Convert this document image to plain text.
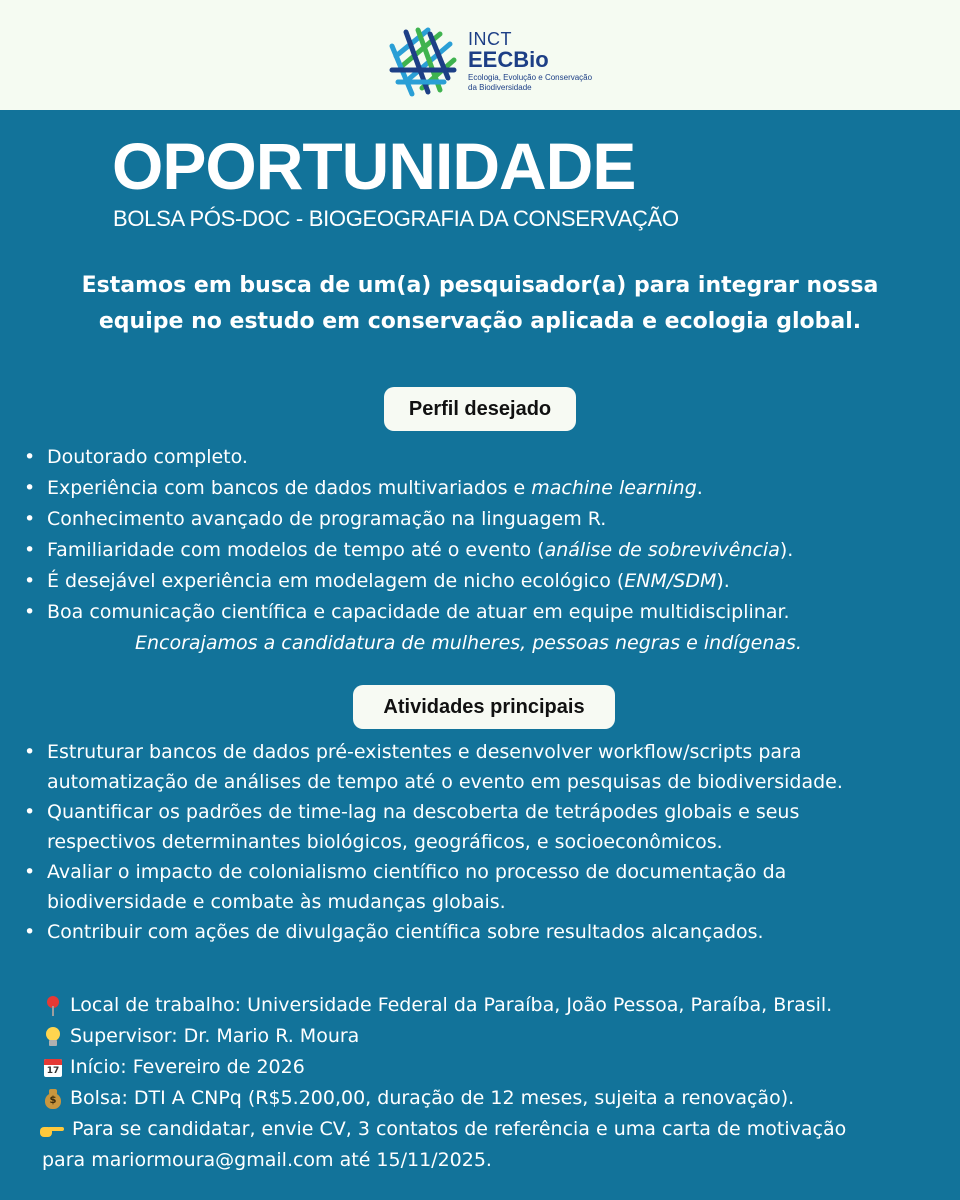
INCT
EECBio
Ecologia, Evolução e Conservação
da Biodiversidade
OPORTUNIDADE
BOLSA PÓS-DOC - BIOGEOGRAFIA DA CONSERVAÇÃO
Estamos em busca de um(a) pesquisador(a) para integrar nossa
equipe no estudo em conservação aplicada e ecologia global.
Perfil desejado
• Doutorado completo.
• Experiência com bancos de dados multivariados e machine learning.
• Conhecimento avançado de programação na linguagem R.
• Familiaridade com modelos de tempo até o evento (análise de sobrevivência).
• É desejável experiência em modelagem de nicho ecológico (ENM/SDM).
• Boa comunicação científica e capacidade de atuar em equipe multidisciplinar.
Encorajamos a candidatura de mulheres, pessoas negras e indígenas.
Atividades principais
• Estruturar bancos de dados pré-existentes e desenvolver workflow/scripts para
automatização de análises de tempo até o evento em pesquisas de biodiversidade.
• Quantificar os padrões de time-lag na descoberta de tetrápodes globais e seus
respectivos determinantes biológicos, geográficos, e socioeconômicos.
• Avaliar o impacto de colonialismo científico no processo de documentação da
biodiversidade e combate às mudanças globais.
• Contribuir com ações de divulgação científica sobre resultados alcançados.
Local de trabalho: Universidade Federal da Paraíba, João Pessoa, Paraíba, Brasil.
Supervisor: Dr. Mario R. Moura
17 Início: Fevereiro de 2026
$ Bolsa: DTI A CNPq (R$5.200,00, duração de 12 meses, sujeita a renovação).
Para se candidatar, envie CV, 3 contatos de referência e uma carta de motivação
para mariormoura@gmail.com até 15/11/2025.
